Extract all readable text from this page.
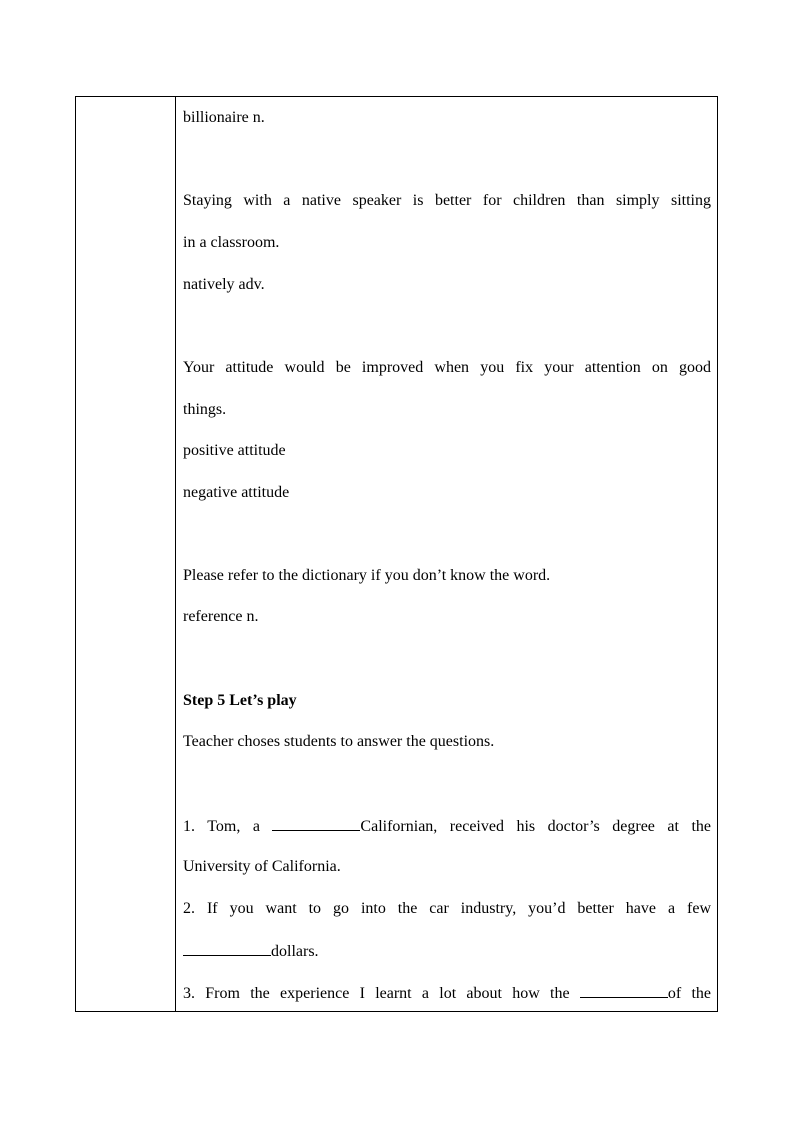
billionaire n.
Staying with a native speaker is better for children than simply sitting
in a classroom.
natively adv.
Your attitude would be improved when you fix your attention on good
things.
positive attitude
negative attitude
Please refer to the dictionary if you don’t know the word.
reference n.
Step 5 Let’s play
Teacher choses students to answer the questions.
1. Tom, a	Californian, received his doctor’s degree at the
University of California.
2. If you want to go into the car industry, you’d better have a few
dollars.
3. From the experience I learnt a lot about how the	of the
